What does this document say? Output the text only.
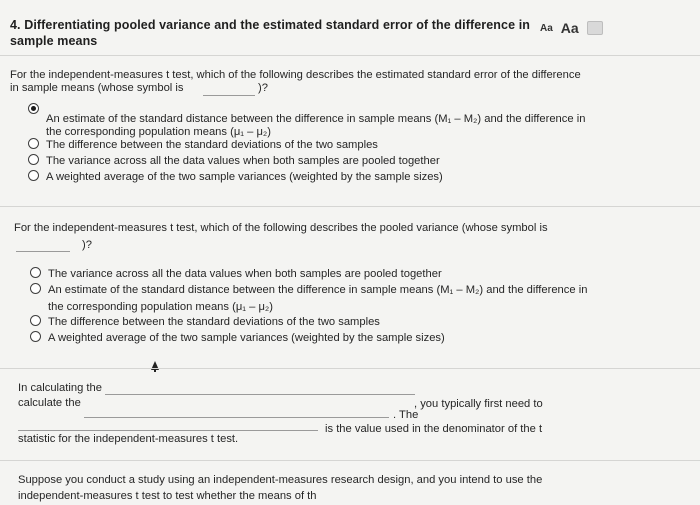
4. Differentiating pooled variance and the estimated standard error of the difference in
sample means
Aa Aa
For the independent-measures t test, which of the following describes the estimated standard error of the difference
in sample means (whose symbol is	)?
An estimate of the standard distance between the difference in sample means (M₁ – M₂) and the difference in
the corresponding population means (μ₁ – μ₂)
The difference between the standard deviations of the two samples
The variance across all the data values when both samples are pooled together
A weighted average of the two sample variances (weighted by the sample sizes)
For the independent-measures t test, which of the following describes the pooled variance (whose symbol is
)?
The variance across all the data values when both samples are pooled together
An estimate of the standard distance between the difference in sample means (M₁ – M₂) and the difference in
the corresponding population means (μ₁ – μ₂)
The difference between the standard deviations of the two samples
A weighted average of the two sample variances (weighted by the sample sizes)
In calculating the
, you typically first need to
calculate the
. The
is the value used in the denominator of the t
statistic for the independent-measures t test.
Suppose you conduct a study using an independent-measures research design, and you intend to use the
independent-measures t test to test whether the means of th
